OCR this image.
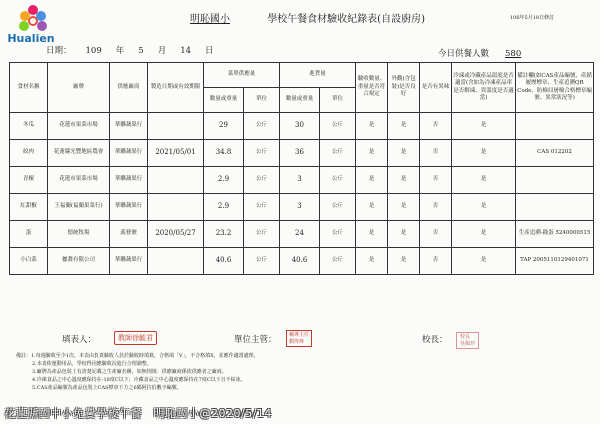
Hualien
明恥國小	學校午餐食材驗收紀錄表(自設廚房)	106年5月18日修訂
日期： 109 年 5 月 14 日	今日供餐人數 580
食材名稱	廠牌	供應廠商	製造日期或有效期限	菜單供應量		進貨量		驗收數量、重量是否符合規定	外觀(含包裝)是否良好	是否有異味	冷凍或冷藏產品溫度是否適當(含如為冷凍產品車是否解凍、異溫度是否適當)	備註欄(如CAS產品編號、產銷履歷標章、生產追溯QR Code、防檢局屠檢合格標章編號、異常狀況等)
				數量或重量	單位	數量或重量	單位					
冬瓜	花蓮市果菜市場	華聯蔬果行		29	公斤	30	公斤	是	是	否	是	
絞肉	花蓮縣光豐地區農會	華聯蔬果行	2021/05/01	34.8	公斤	36	公斤	是	是	否	是	CAS 012202
青椒	花蓮市果菜市場	華聯蔬果行		2.9	公斤	3	公斤	是	是	否	是	
紅甜椒	王福蘭(福蘭果菜行)	華聯蔬果行		2.9	公斤	3	公斤	是	是	否	是	
蛋	德統牧場	義發號	2020/05/27	23.2	公斤	24	公斤	是	是	否	是	生產追溯-錄蛋 5240000515
小白菜	儷蕎有限公司	華聯蔬果行		40.6	公斤	40.6	公斤	是	是	否	是	TAP 2005110129401071
填表人：	教師徐毓君	單位主管： 輔導主任
劉得烽	校長： 校長
吳佩珍
備註：1.每週驗收至少1次，本表由負責驗收人員於驗收時填寫，合格填「V」，不合格填X，並應作適當處理。
2.本表依運動用品，學校得因應驗收況進行合理調整。
3.廠牌為產品包裝上有清楚記載之生產廠名稱，如無則填：供應廠商係依供應者之廠商。
4.冷凍食品之中心溫度應保持在-18度C以下；冷藏食品之中心溫度應保持在7度C以下且不結冰。
5.CAS產品編號為產品包裝上CAS標章下方之6碼阿拉伯數字編號。
花蓮縣國中小免費學校午餐　明恥國小@2020/5/14
